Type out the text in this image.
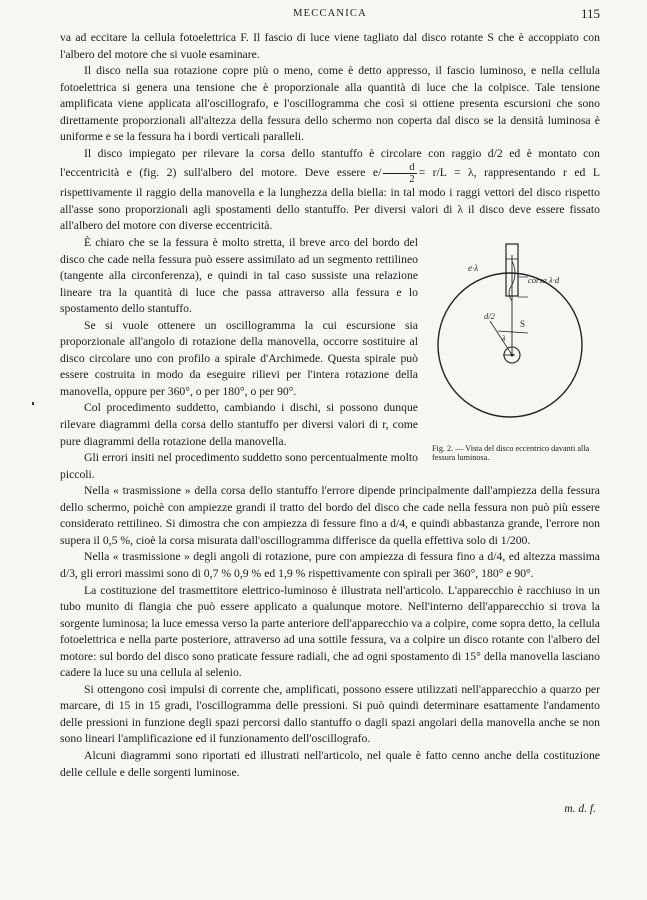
MECCANICA	115

va ad eccitare la cellula fotoelettrica F. Il fascio di luce viene tagliato dal disco rotante S che è accoppiato con l'albero del motore che si vuole esaminare.

Il disco nella sua rotazione copre più o meno, come è detto appresso, il fascio luminoso, e nella cellula fotoelettrica si genera una tensione che è proporzionale alla quantità di luce che la colpisce. Tale tensione amplificata viene applicata all'oscillografo, e l'oscillogramma che così si ottiene presenta escursioni che sono direttamente proporzionali all'altezza della fessura dello schermo non coperta dal disco se la densità luminosa è uniforme e se la fessura ha i bordi verticali paralleli.

Il disco impiegato per rilevare la corsa dello stantuffo è circolare con raggio d/2 ed è montato con l'eccentricità e (fig. 2) sull'albero del motore. Deve essere $e/ \frac{d}{2} = r/L = \lambda$, rappresentando r ed L rispettivamente il raggio della manovella e la lunghezza della biella: in tal modo i raggi vettori del disco rispetto all'asse sono proporzionali agli spostamenti dello stantuffo. Per diversi valori di λ il disco deve essere fissato all'albero del motore con diverse eccentricità.

e∙λ
corsa λ·d
d/2
S
λ
Fig. 2. — Vista del disco eccentrico davanti alla fessura luminosa.

È chiaro che se la fessura è molto stretta, il breve arco del bordo del disco che cade nella fessura può essere assimilato ad un segmento rettilineo (tangente alla circonferenza), e quindi in tal caso sussiste una relazione lineare tra la quantità di luce che passa attraverso alla fessura e lo spostamento dello stantuffo.

Se si vuole ottenere un oscillogramma la cui escursione sia proporzionale all'angolo di rotazione della manovella, occorre sostituire al disco circolare uno con profilo a spirale d'Archimede. Questa spirale può essere costruita in modo da eseguire rilievi per l'intera rotazione della manovella, oppure per 360°, o per 180°, o per 90°.

Col procedimento suddetto, cambiando i dischi, si possono dunque rilevare diagrammi della corsa dello stantuffo per diversi valori di r, come pure diagrammi della rotazione della manovella.

Gli errori insiti nel procedimento suddetto sono percentualmente molto piccoli.

Nella « trasmissione » della corsa dello stantuffo l'errore dipende principalmente dall'ampiezza della fessura dello schermo, poichè con ampiezze grandi il tratto del bordo del disco che cade nella fessura non può più essere considerato rettilineo. Si dimostra che con ampiezza di fessure fino a d/4, e quindi abbastanza grande, l'errore non supera il 0,5 %, cioè la corsa misurata dall'oscillogramma differisce da quella effettiva solo di 1/200.

Nella « trasmissione » degli angoli di rotazione, pure con ampiezza di fessura fino a d/4, ed altezza massima d/3, gli errori massimi sono di 0,7 % 0,9 % ed 1,9 % rispettivamente con spirali per 360°, 180° e 90°.

La costituzione del trasmettitore elettrico-luminoso è illustrata nell'articolo. L'apparecchio è racchiuso in un tubo munito di flangia che può essere applicato a qualunque motore. Nell'interno dell'apparecchio si trova la sorgente luminosa; la luce emessa verso la parte anteriore dell'apparecchio va a colpire, come sopra detto, la cellula fotoelettrica e nella parte posteriore, attraverso ad una sottile fessura, va a colpire un disco rotante con l'albero del motore: sul bordo del disco sono praticate fessure radiali, che ad ogni spostamento di 15° della manovella lasciano cadere la luce su una cellula al selenio.

Si ottengono così impulsi di corrente che, amplificati, possono essere utilizzati nell'apparecchio a quarzo per marcare, di 15 in 15 gradi, l'oscillogramma delle pressioni. Si può quindi determinare esattamente l'andamento delle pressioni in funzione degli spazi percorsi dallo stantuffo o dagli spazi angolari della manovella anche se non sono lineari l'amplificazione ed il funzionamento dell'oscillografo.

Alcuni diagrammi sono riportati ed illustrati nell'articolo, nel quale è fatto cenno anche della costituzione delle cellule e delle sorgenti luminose.

m. d. f.
